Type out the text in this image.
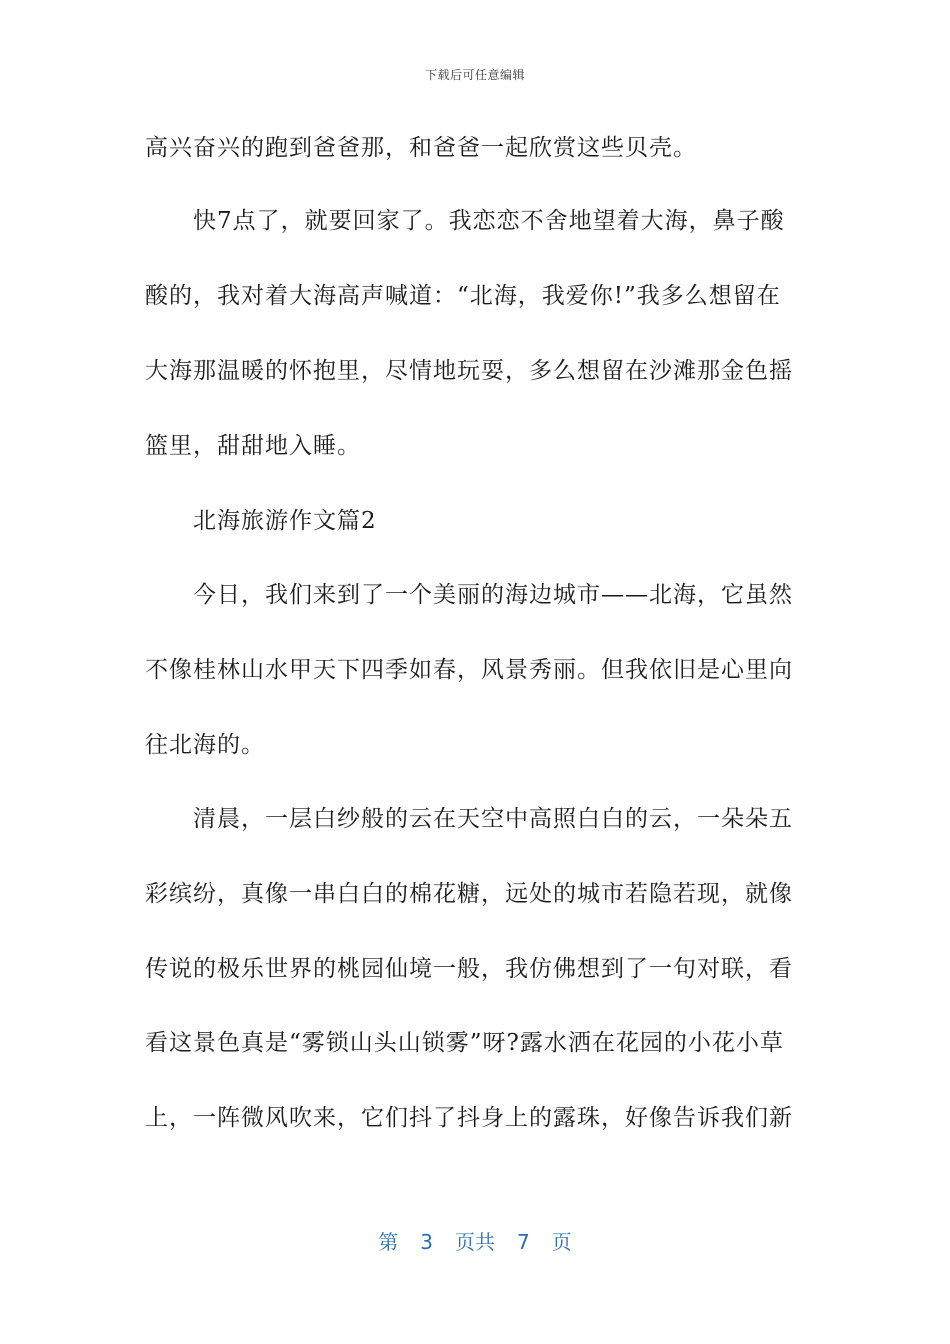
下载后可任意编辑
高兴奋兴的跑到爸爸那，和爸爸一起欣赏这些贝壳。
快7点了，就要回家了。我恋恋不舍地望着大海，鼻子酸
酸的，我对着大海高声喊道：“北海，我爱你!”我多么想留在
大海那温暖的怀抱里，尽情地玩耍，多么想留在沙滩那金色摇
篮里，甜甜地入睡。
北海旅游作文篇2
今日，我们来到了一个美丽的海边城市——北海，它虽然
不像桂林山水甲天下四季如春，风景秀丽。但我依旧是心里向
往北海的。
清晨，一层白纱般的云在天空中高照白白的云，一朵朵五
彩缤纷，真像一串白白的棉花糖，远处的城市若隐若现，就像
传说的极乐世界的桃园仙境一般，我仿佛想到了一句对联，看
看这景色真是“雾锁山头山锁雾”呀?露水洒在花园的小花小草
上，一阵微风吹来，它们抖了抖身上的露珠，好像告诉我们新
第 3 页共 7 页
